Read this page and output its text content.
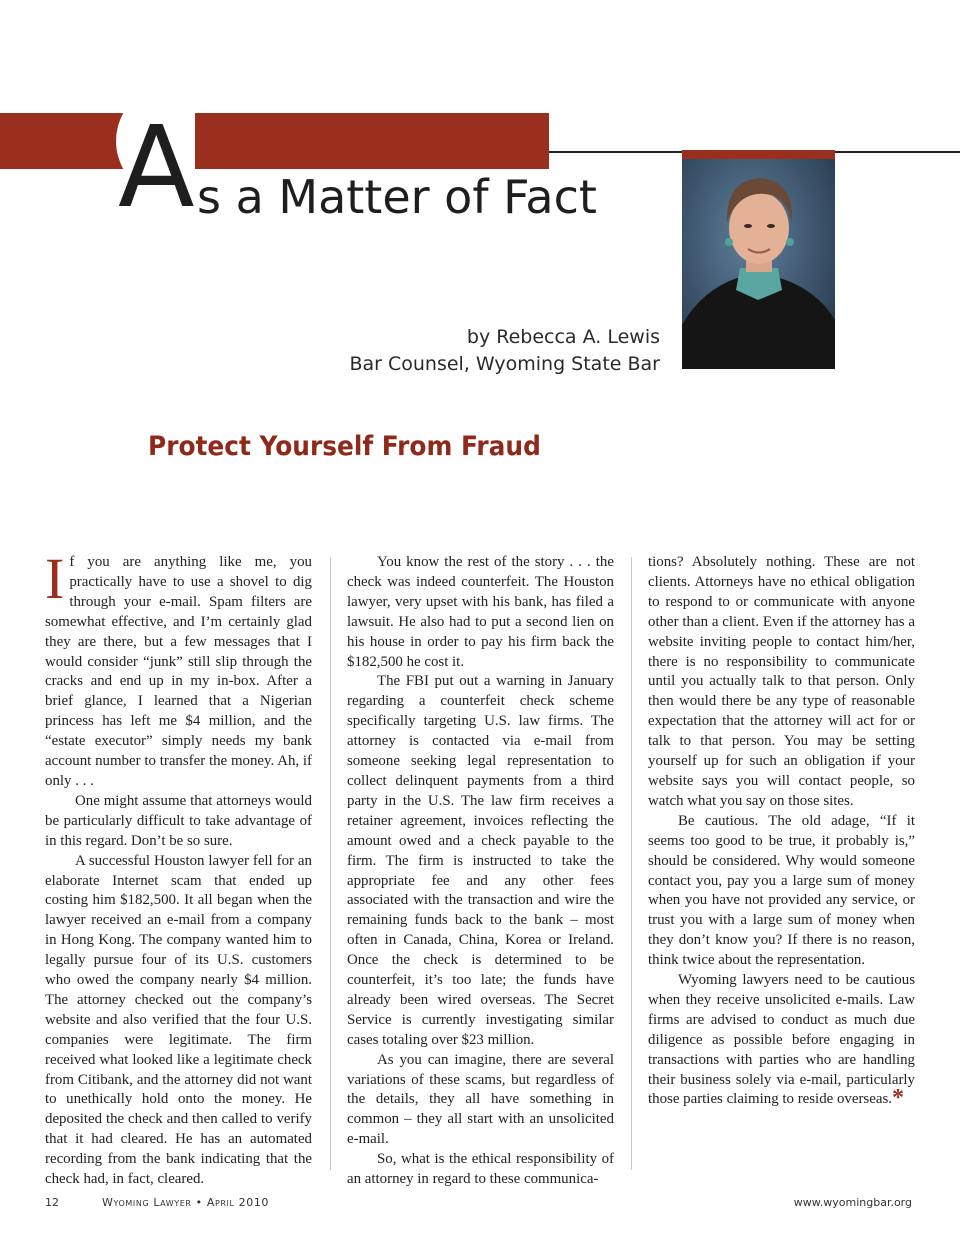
A s a Matter of Fact
by Rebecca A. Lewis
Bar Counsel, Wyoming State Bar
Protect Yourself From Fraud

If you are anything like me, you practically have to use a shovel to dig through your e-mail. Spam filters are somewhat effective, and I’m certainly glad they are there, but a few messages that I would consider “junk” still slip through the cracks and end up in my in-box. After a brief glance, I learned that a Nigerian princess has left me $4 million, and the “estate executor” simply needs my bank account number to transfer the money. Ah, if only . . .

One might assume that attorneys would be particularly difficult to take advantage of in this regard. Don’t be so sure.

A successful Houston lawyer fell for an elaborate Internet scam that ended up costing him $182,500. It all began when the lawyer received an e-mail from a company in Hong Kong. The company wanted him to legally pursue four of its U.S. customers who owed the company nearly $4 million. The attorney checked out the company’s website and also verified that the four U.S. companies were legitimate. The firm received what looked like a legitimate check from Citibank, and the attorney did not want to unethically hold onto the money. He deposited the check and then called to verify that it had cleared. He has an automated recording from the bank indicating that the check had, in fact, cleared.

You know the rest of the story . . . the check was indeed counterfeit. The Houston lawyer, very upset with his bank, has filed a lawsuit. He also had to put a second lien on his house in order to pay his firm back the $182,500 he cost it.

The FBI put out a warning in January regarding a counterfeit check scheme specifically targeting U.S. law firms. The attorney is contacted via e-mail from someone seeking legal representation to collect delinquent payments from a third party in the U.S. The law firm receives a retainer agreement, invoices reflecting the amount owed and a check payable to the firm. The firm is instructed to take the appropriate fee and any other fees associated with the transaction and wire the remaining funds back to the bank – most often in Canada, China, Korea or Ireland. Once the check is determined to be counterfeit, it’s too late; the funds have already been wired overseas. The Secret Service is currently investigating similar cases totaling over $23 million.

As you can imagine, there are several variations of these scams, but regardless of the details, they all have something in common – they all start with an unsolicited e-mail.

So, what is the ethical responsibility of an attorney in regard to these communica-

tions? Absolutely nothing. These are not clients. Attorneys have no ethical obligation to respond to or communicate with anyone other than a client. Even if the attorney has a website inviting people to contact him/her, there is no responsibility to communicate until you actually talk to that person. Only then would there be any type of reasonable expectation that the attorney will act for or talk to that person. You may be setting yourself up for such an obligation if your website says you will contact people, so watch what you say on those sites.

Be cautious. The old adage, “If it seems too good to be true, it probably is,” should be considered. Why would someone contact you, pay you a large sum of money when you have not provided any service, or trust you with a large sum of money when they don’t know you? If there is no reason, think twice about the representation.

Wyoming lawyers need to be cautious when they receive unsolicited e-mails. Law firms are advised to conduct as much due diligence as possible before engaging in transactions with parties who are handling their business solely via e-mail, particularly those parties claiming to reside overseas.*

12	Wyoming Lawyer • April 2010	www.wyomingbar.org
